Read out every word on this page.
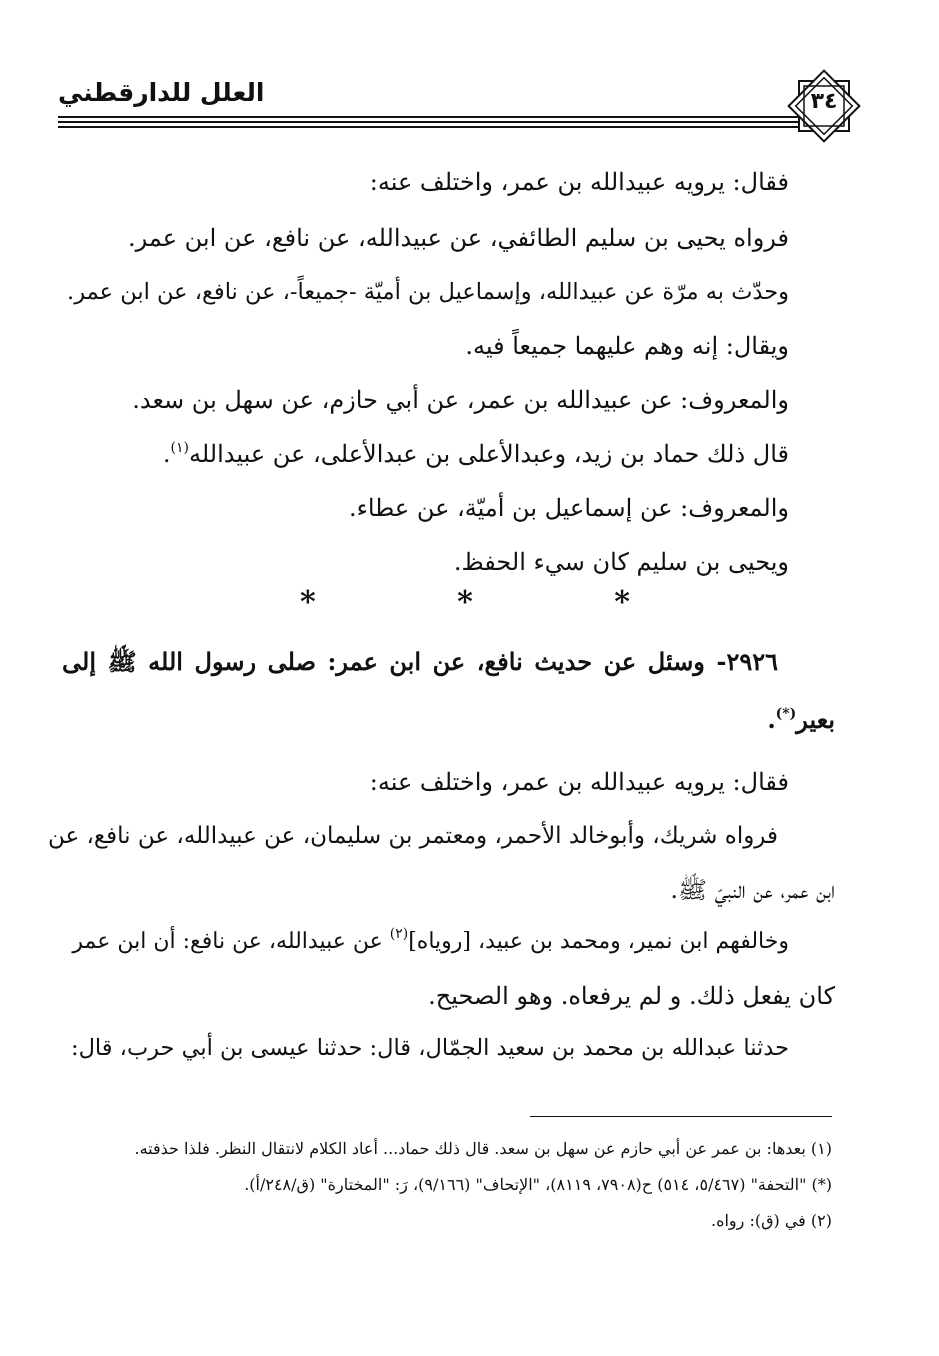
العلل للدارقطني	٣٤
فقال: يرويه عبيدالله بن عمر، واختلف عنه:
فرواه يحيى بن سليم الطائفي، عن عبيدالله، عن نافع، عن ابن عمر.
وحدّث به مرّة عن عبيدالله، وإسماعيل بن أميّة -جميعاً-، عن نافع، عن ابن عمر.
ويقال: إنه وهم عليهما جميعاً فيه.
والمعروف: عن عبيدالله بن عمر، عن أبي حازم، عن سهل بن سعد.
قال ذلك حماد بن زيد، وعبدالأعلى بن عبدالأعلى، عن عبيدالله$^{(١)}$.
والمعروف: عن إسماعيل بن أميّة، عن عطاء.
ويحيى بن سليم كان سيء الحفظ.
*	*	*
٢٩٢٦- وسئل عن حديث نافع، عن ابن عمر: صلى رسول الله ﷺ إلى
بعير(*).
فقال: يرويه عبيدالله بن عمر، واختلف عنه:
فرواه شريك، وأبوخالد الأحمر، ومعتمر بن سليمان، عن عبيدالله، عن نافع، عن
ابن عمر، عن النبيّ ﷺ.
وخالفهم ابن نمير، ومحمد بن عبيد، [روياه]$^{(٢)}$ عن عبيدالله، عن نافع: أن ابن عمر
كان يفعل ذلك. و لم يرفعاه. وهو الصحيح.
حدثنا عبدالله بن محمد بن سعيد الجمّال، قال: حدثنا عيسى بن أبي حرب، قال:
(١) بعدها: بن عمر عن أبي حازم عن سهل بن سعد. قال ذلك حماد... أعاد الكلام لانتقال النظر. فلذا حذفته.
(*) "التحفة" (٥/٤٦٧، ٥١٤) ح(٧٩٠٨، ٨١١٩)، "الإتحاف" (٩/١٦٦)، رَ: "المختارة" (ق/٢٤٨/أ).
(٢) في (ق): رواه.
